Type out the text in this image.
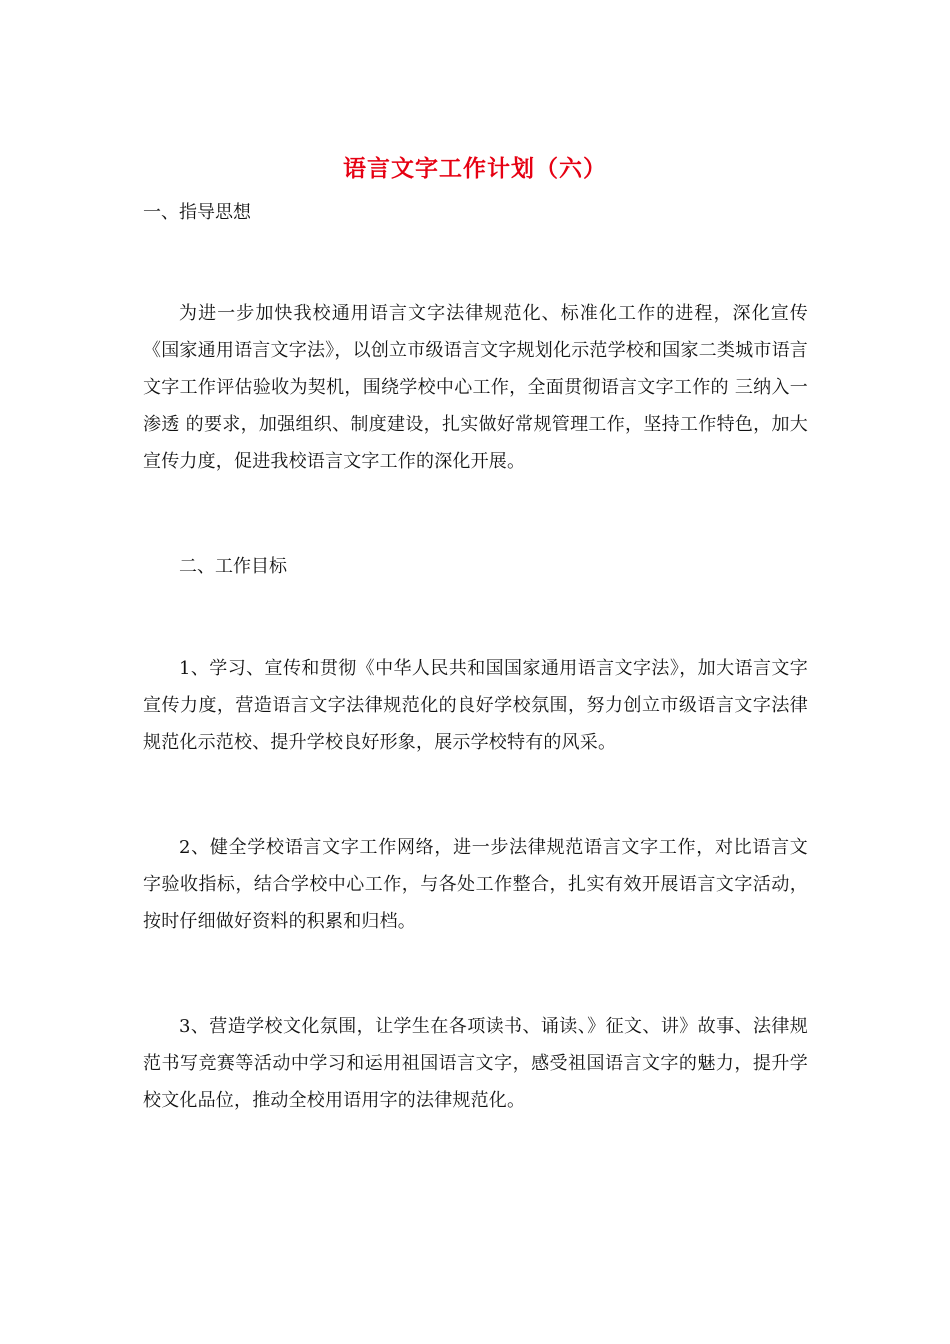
语言文字工作计划（六）
一、指导思想
为进一步加快我校通用语言文字法律规范化、标准化工作的进程，深化宣传《国家通用语言文字法》，以创立市级语言文字规划化示范学校和国家二类城市语言文字工作评估验收为契机，围绕学校中心工作，全面贯彻语言文字工作的 三纳入一渗透 的要求，加强组织、制度建设，扎实做好常规管理工作，坚持工作特色，加大宣传力度，促进我校语言文字工作的深化开展。
二、工作目标
1、学习、宣传和贯彻《中华人民共和国国家通用语言文字法》，加大语言文字宣传力度，营造语言文字法律规范化的良好学校氛围，努力创立市级语言文字法律规范化示范校、提升学校良好形象，展示学校特有的风采。
2、健全学校语言文字工作网络，进一步法律规范语言文字工作，对比语言文字验收指标，结合学校中心工作，与各处工作整合，扎实有效开展语言文字活动，按时仔细做好资料的积累和归档。
3、营造学校文化氛围，让学生在各项读书、诵读、》征文、讲》故事、法律规范书写竞赛等活动中学习和运用祖国语言文字，感受祖国语言文字的魅力，提升学校文化品位，推动全校用语用字的法律规范化。
